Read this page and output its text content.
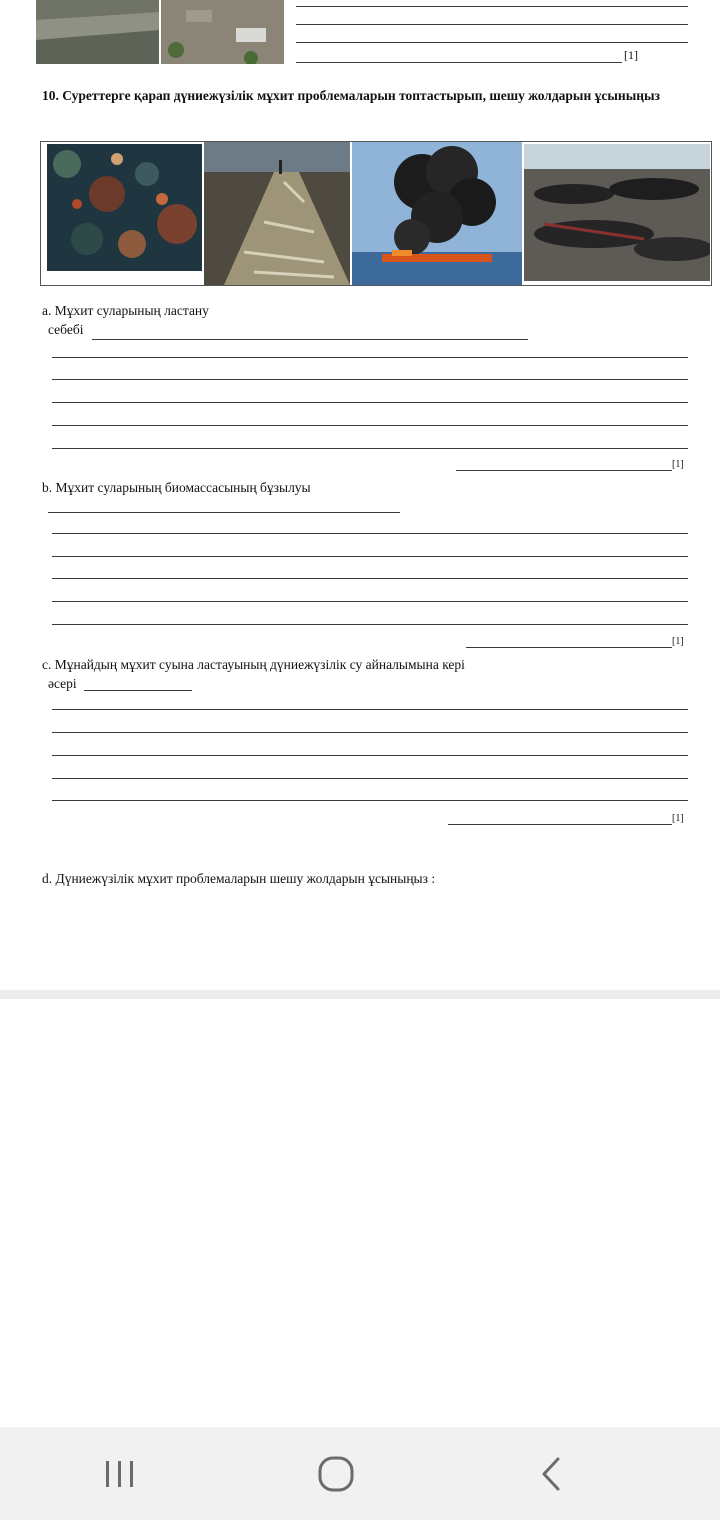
[1]
10. Суреттерге қарап дүниежүзілік мұхит проблемаларын топтастырып, шешу жолдарын ұсыныңыз
a. Мұхит суларының ластану
себебі
[1]
b. Мұхит суларының биомассасының бұзылуы
[1]
c. Мұнайдың мұхит суына ластауының дүниежүзілік су айналымына кері
әсері
[1]
d. Дүниежүзілік мұхит проблемаларын шешу жолдарын ұсыныңыз :
